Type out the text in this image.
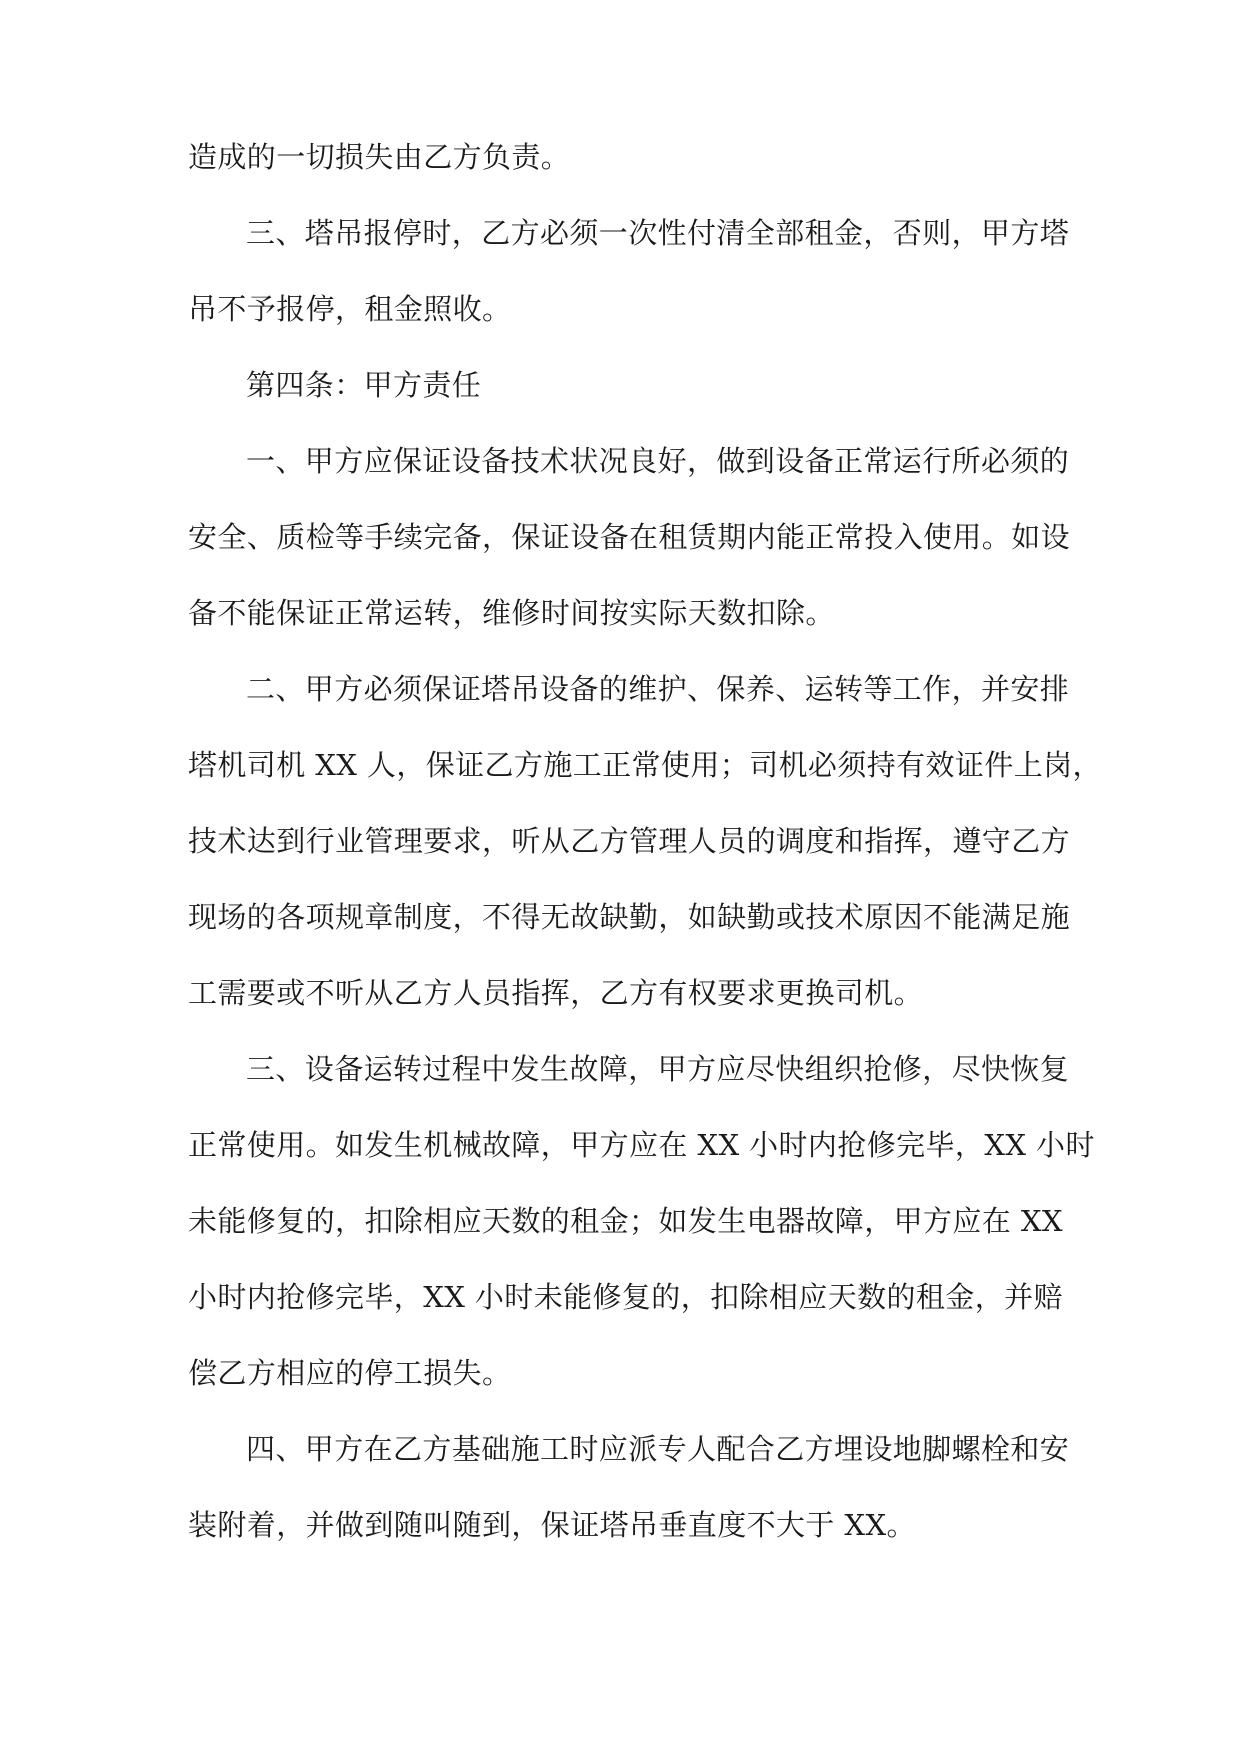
造成的一切损失由乙方负责。

三、塔吊报停时，乙方必须一次性付清全部租金，否则，甲方塔

吊不予报停，租金照收。

第四条：甲方责任

一、甲方应保证设备技术状况良好，做到设备正常运行所必须的

安全、质检等手续完备，保证设备在租赁期内能正常投入使用。如设

备不能保证正常运转，维修时间按实际天数扣除。

二、甲方必须保证塔吊设备的维护、保养、运转等工作，并安排

塔机司机 XX 人，保证乙方施工正常使用；司机必须持有效证件上岗，

技术达到行业管理要求，听从乙方管理人员的调度和指挥，遵守乙方

现场的各项规章制度，不得无故缺勤，如缺勤或技术原因不能满足施

工需要或不听从乙方人员指挥，乙方有权要求更换司机。

三、设备运转过程中发生故障，甲方应尽快组织抢修，尽快恢复

正常使用。如发生机械故障，甲方应在 XX 小时内抢修完毕，XX 小时

未能修复的，扣除相应天数的租金；如发生电器故障，甲方应在 XX

小时内抢修完毕，XX 小时未能修复的，扣除相应天数的租金，并赔

偿乙方相应的停工损失。

四、甲方在乙方基础施工时应派专人配合乙方埋设地脚螺栓和安

装附着，并做到随叫随到，保证塔吊垂直度不大于 XX。
